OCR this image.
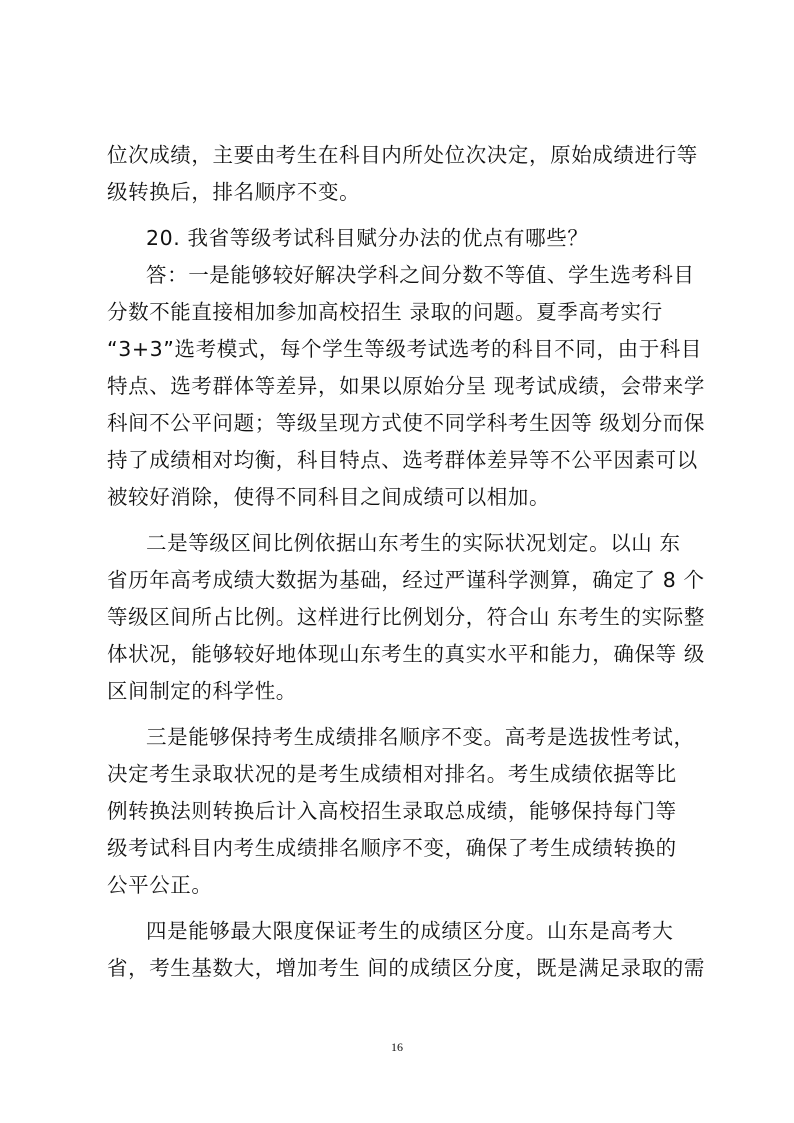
位次成绩，主要由考生在科目内所处位次决定，原始成绩进行等

级转换后，排名顺序不变。

20. 我省等级考试科目赋分办法的优点有哪些？

答：一是能够较好解决学科之间分数不等值、学生选考科目

分数不能直接相加参加高校招生 录取的问题。夏季高考实行

“3+3”选考模式，每个学生等级考试选考的科目不同，由于科目

特点、选考群体等差异，如果以原始分呈 现考试成绩，会带来学

科间不公平问题；等级呈现方式使不同学科考生因等 级划分而保

持了成绩相对均衡，科目特点、选考群体差异等不公平因素可以

被较好消除，使得不同科目之间成绩可以相加。

二是等级区间比例依据山东考生的实际状况划定。以山 东

省历年高考成绩大数据为基础，经过严谨科学测算，确定了 8 个

等级区间所占比例。这样进行比例划分，符合山 东考生的实际整

体状况，能够较好地体现山东考生的真实水平和能力，确保等 级

区间制定的科学性。

三是能够保持考生成绩排名顺序不变。高考是选拔性考试，

决定考生录取状况的是考生成绩相对排名。考生成绩依据等比

例转换法则转换后计入高校招生录取总成绩，能够保持每门等

级考试科目内考生成绩排名顺序不变，确保了考生成绩转换的

公平公正。

四是能够最大限度保证考生的成绩区分度。山东是高考大

省，考生基数大，增加考生 间的成绩区分度，既是满足录取的需

16
